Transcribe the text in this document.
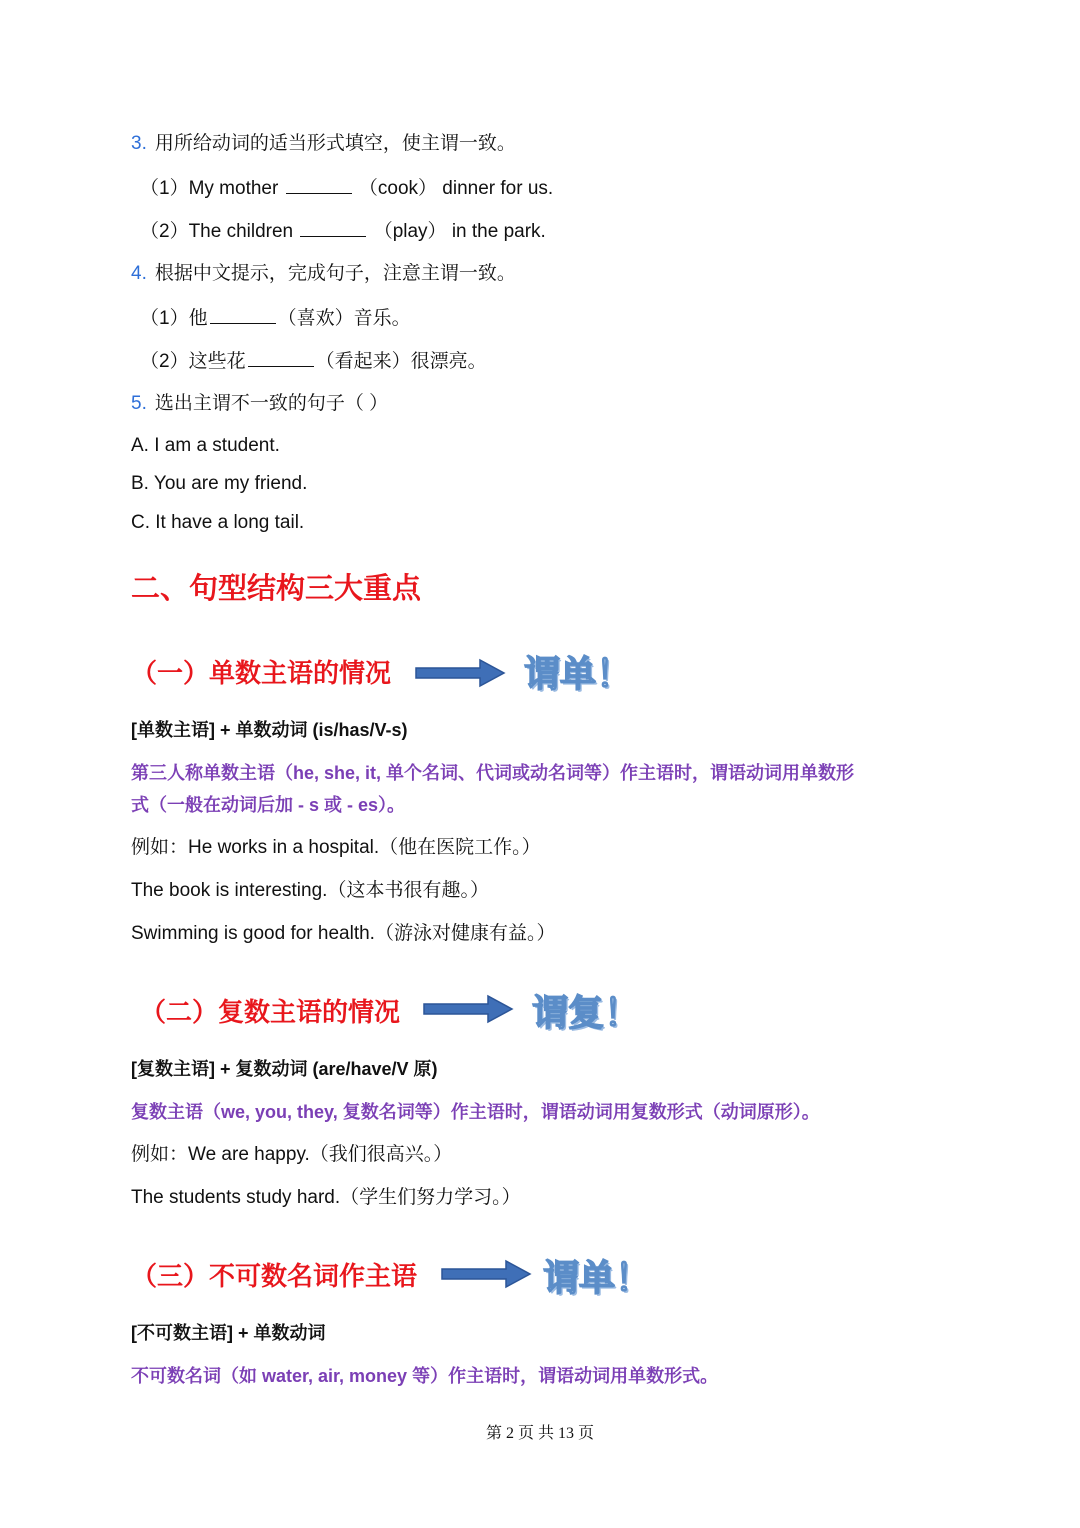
3. 用所给动词的适当形式填空，使主谓一致。
（1）My mother	（cook） dinner for us.
（2）The children	（play） in the park.
4. 根据中文提示，完成句子，注意主谓一致。
（1）他	（喜欢）音乐。
（2）这些花	（看起来）很漂亮。
5. 选出主谓不一致的句子（ ）
A. I am a student.
B. You are my friend.
C. It have a long tail.
二、句型结构三大重点
（一）单数主语的情况	谓单！
[单数主语] + 单数动词 (is/has/V-s)
第三人称单数主语（he, she, it, 单个名词、代词或动名词等）作主语时，谓语动词用单数形
式（一般在动词后加 - s 或 - es）。
例如：He works in a hospital.（他在医院工作。）
The book is interesting.（这本书很有趣。）
Swimming is good for health.（游泳对健康有益。）
（二）复数主语的情况	谓复！
[复数主语] + 复数动词 (are/have/V 原)
复数主语（we, you, they, 复数名词等）作主语时，谓语动词用复数形式（动词原形）。
例如：We are happy.（我们很高兴。）
The students study hard.（学生们努力学习。）
（三）不可数名词作主语	谓单！
[不可数主语] + 单数动词
不可数名词（如 water, air, money 等）作主语时，谓语动词用单数形式。
第 2 页 共 13 页
